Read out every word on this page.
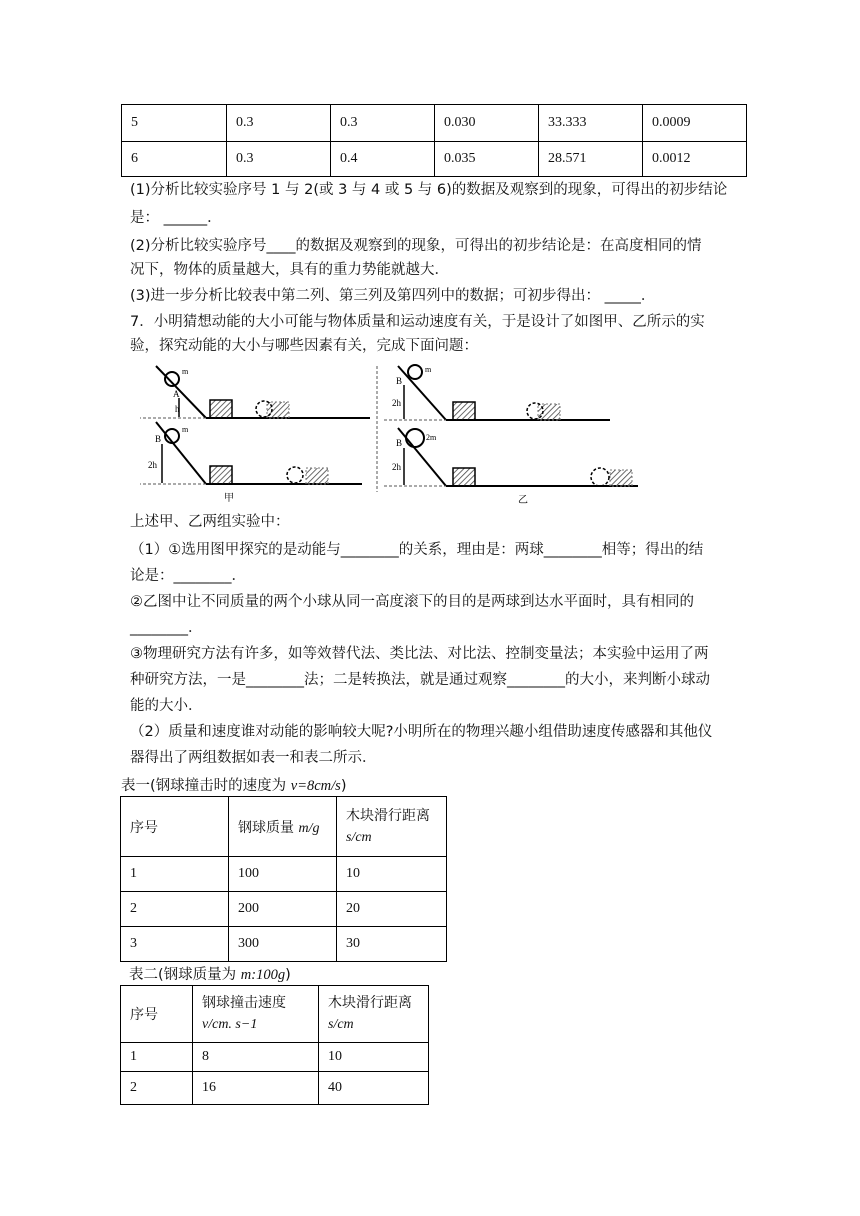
5	0.3	0.3	0.030	33.333	0.0009
6	0.3	0.4	0.035	28.571	0.0012
(1)分析比较实验序号 1 与 2(或 3 与 4 或 5 与 6)的数据及观察到的现象，可得出的初步结论
是： ______．
(2)分析比较实验序号____的数据及观察到的现象，可得出的初步结论是：在高度相同的情
况下，物体的质量越大，具有的重力势能就越大．
(3)进一步分析比较表中第二列、第三列及第四列中的数据；可初步得出： _____．
7．小明猜想动能的大小可能与物体质量和运动速度有关，于是设计了如图甲、乙所示的实
验，探究动能的大小与哪些因素有关，完成下面问题：
m
A
h
m
B
2h
甲
m
B
2h
2m
B
2h
乙
上述甲、乙两组实验中：
（1）①选用图甲探究的是动能与________的关系，理由是：两球________相等；得出的结
论是：________．
②乙图中让不同质量的两个小球从同一高度滚下的目的是两球到达水平面时，具有相同的
________．
③物理研究方法有许多，如等效替代法、类比法、对比法、控制变量法；本实验中运用了两
种研究方法，一是________法；二是转换法，就是通过观察________的大小，来判断小球动
能的大小．
（2）质量和速度谁对动能的影响较大呢?小明所在的物理兴趣小组借助速度传感器和其他仪
器得出了两组数据如表一和表二所示．
表一(钢球撞击时的速度为 v=8cm/s)
序号	钢球质量 m/g	木块滑行距离
s/cm
1	100	10
2	200	20
3	300	30
表二(钢球质量为 m:100g)
序号	钢球撞击速度
v/cm. s−1	木块滑行距离
s/cm
1	8	10
2	16	40
